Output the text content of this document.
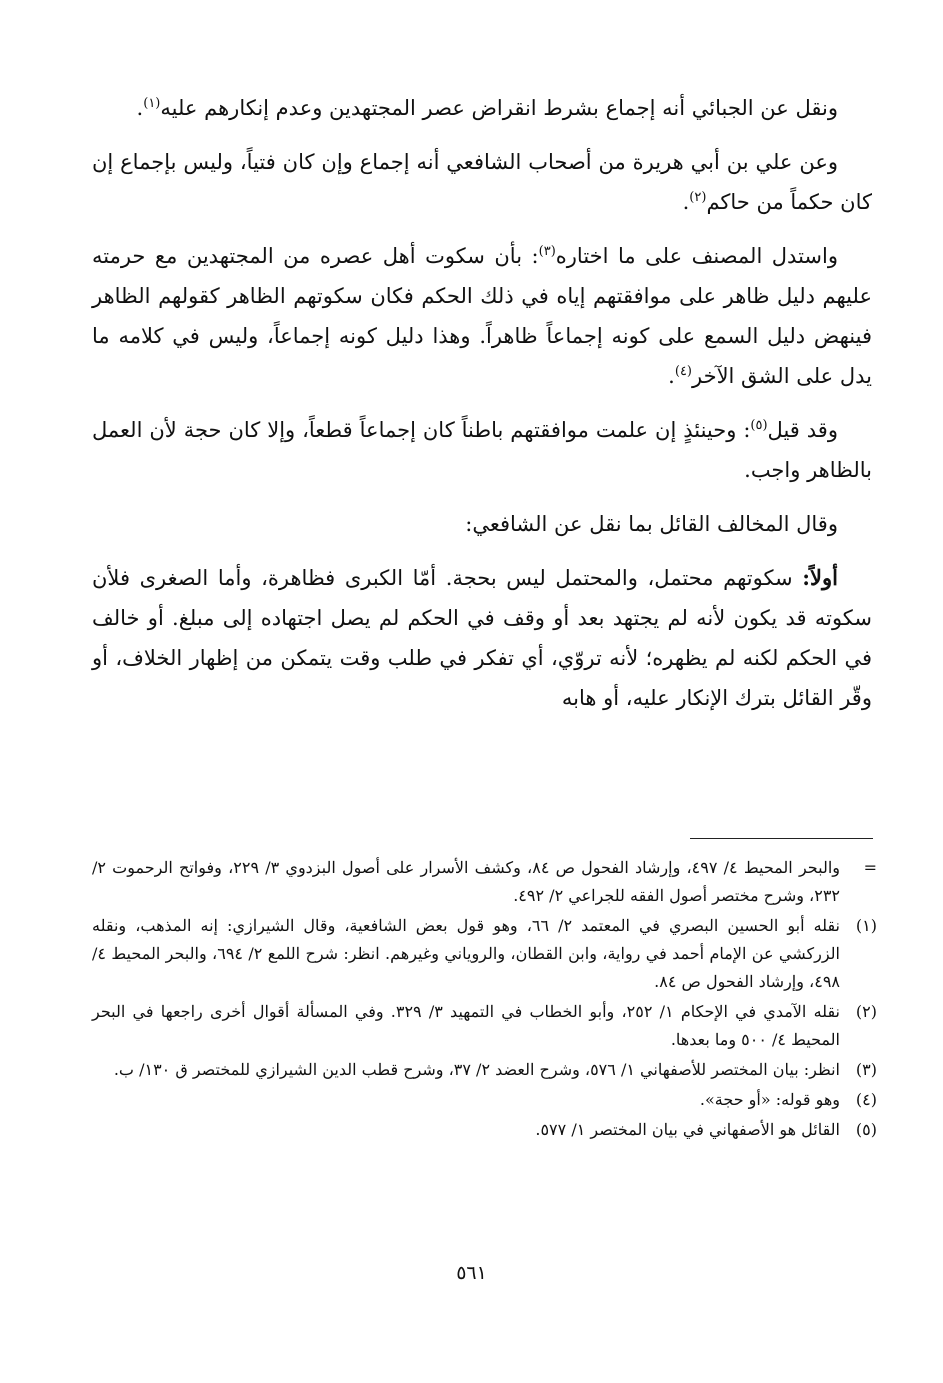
ونقل عن الجبائي أنه إجماع بشرط انقراض عصر المجتهدين وعدم إنكارهم عليه$^{(١)}$.

وعن علي بن أبي هريرة من أصحاب الشافعي أنه إجماع وإن كان فتياً، وليس بإجماع إن كان حكماً من حاكم$^{(٢)}$.

واستدل المصنف على ما اختاره$^{(٣)}$: بأن سكوت أهل عصره من المجتهدين مع حرمته عليهم دليل ظاهر على موافقتهم إياه في ذلك الحكم فكان سكوتهم الظاهر كقولهم الظاهر فينهض دليل السمع على كونه إجماعاً ظاهراً. وهذا دليل كونه إجماعاً، وليس في كلامه ما يدل على الشق الآخر$^{(٤)}$.

وقد قيل$^{(٥)}$: وحينئذٍ إن علمت موافقتهم باطناً كان إجماعاً قطعاً، وإلا كان حجة لأن العمل بالظاهر واجب.

وقال المخالف القائل بما نقل عن الشافعي:

أولاً: سكوتهم محتمل، والمحتمل ليس بحجة. أمّا الكبرى فظاهرة، وأما الصغرى فلأن سكوته قد يكون لأنه لم يجتهد بعد أو وقف في الحكم لم يصل اجتهاده إلى مبلغ. أو خالف في الحكم لكنه لم يظهره؛ لأنه تروّي، أي تفكر في طلب وقت يتمكن من إظهار الخلاف، أو وقّر القائل بترك الإنكار عليه، أو هابه

=
والبحر المحيط ٤/ ٤٩٧، وإرشاد الفحول ص ٨٤، وكشف الأسرار على أصول البزدوي ٣/ ٢٢٩، وفواتح الرحموت ٢/ ٢٣٢، وشرح مختصر أصول الفقه للجراعي ٢/ ٤٩٢.
(١)
نقله أبو الحسين البصري في المعتمد ٢/ ٦٦، وهو قول بعض الشافعية، وقال الشيرازي: إنه المذهب، ونقله الزركشي عن الإمام أحمد في رواية، وابن القطان، والروياني وغيرهم. انظر: شرح اللمع ٢/ ٦٩٤، والبحر المحيط ٤/ ٤٩٨، وإرشاد الفحول ص ٨٤.
(٢)
نقله الآمدي في الإحكام ١/ ٢٥٢، وأبو الخطاب في التمهيد ٣/ ٣٢٩. وفي المسألة أقوال أخرى راجعها في البحر المحيط ٤/ ٥٠٠ وما بعدها.
(٣)
انظر: بيان المختصر للأصفهاني ١/ ٥٧٦، وشرح العضد ٢/ ٣٧، وشرح قطب الدين الشيرازي للمختصر ق ١٣٠/ ب.
(٤)
وهو قوله: «أو حجة».
(٥)
القائل هو الأصفهاني في بيان المختصر ١/ ٥٧٧.
٥٦١
